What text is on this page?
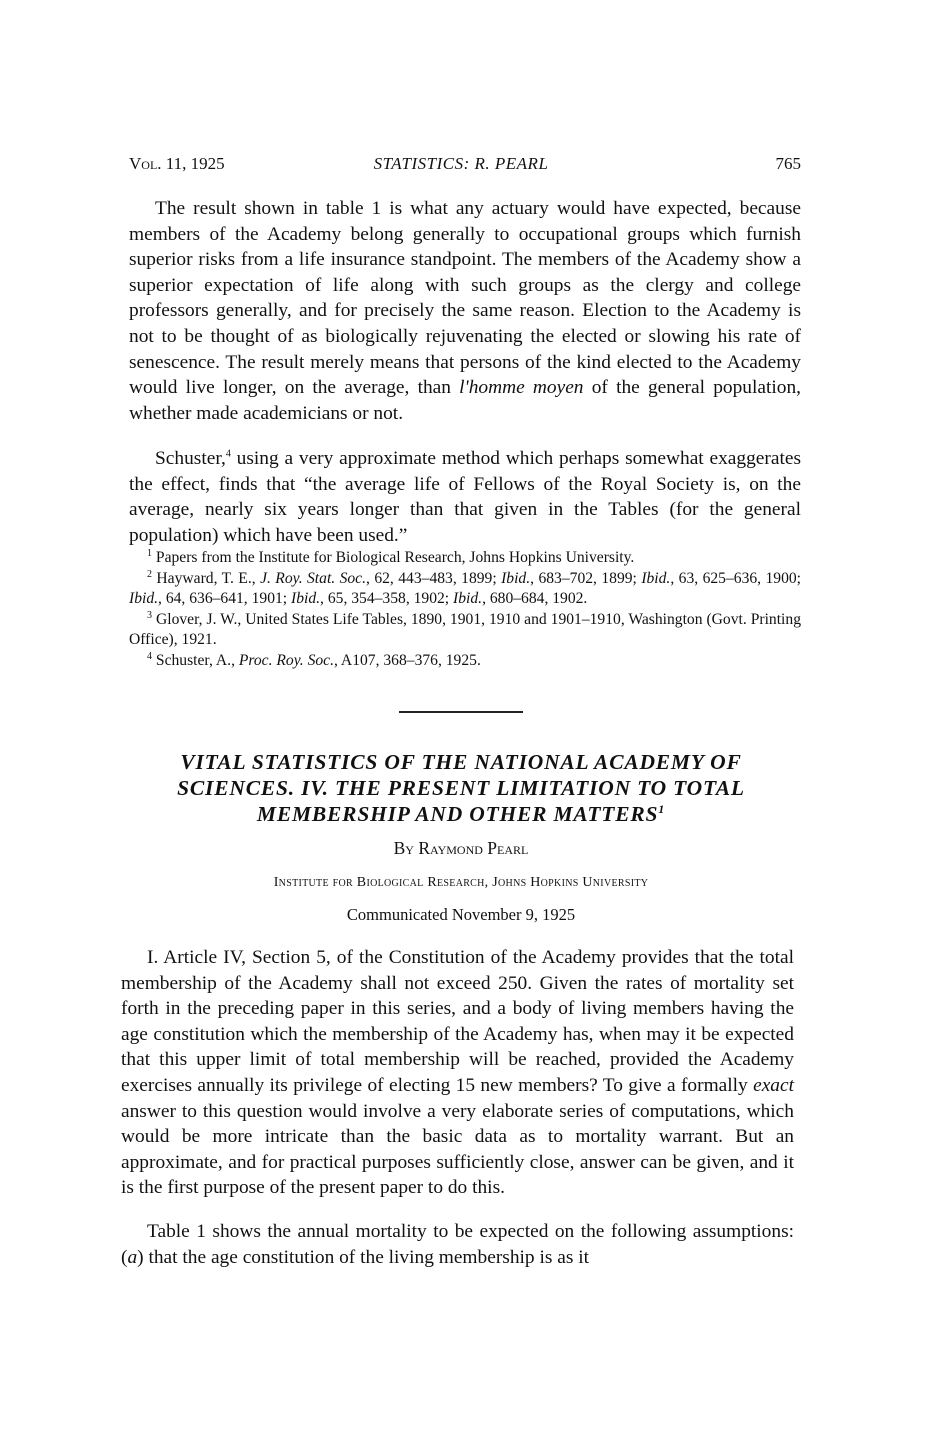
Vol. 11, 1925	STATISTICS: R. PEARL	765

The result shown in table 1 is what any actuary would have expected, because members of the Academy belong generally to occupational groups which furnish superior risks from a life insurance standpoint. The members of the Academy show a superior expectation of life along with such groups as the clergy and college professors generally, and for precisely the same reason. Election to the Academy is not to be thought of as biologically rejuvenating the elected or slowing his rate of senescence. The result merely means that persons of the kind elected to the Academy would live longer, on the average, than l'homme moyen of the general population, whether made academicians or not.

Schuster,$^4$ using a very approximate method which perhaps somewhat exaggerates the effect, finds that “the average life of Fellows of the Royal Society is, on the average, nearly six years longer than that given in the Tables (for the general population) which have been used.”

$^1$ Papers from the Institute for Biological Research, Johns Hopkins University.

$^2$ Hayward, T. E., J. Roy. Stat. Soc., 62, 443–483, 1899; Ibid., 683–702, 1899; Ibid., 63, 625–636, 1900; Ibid., 64, 636–641, 1901; Ibid., 65, 354–358, 1902; Ibid., 680–684, 1902.

$^3$ Glover, J. W., United States Life Tables, 1890, 1901, 1910 and 1901–1910, Washington (Govt. Printing Office), 1921.

$^4$ Schuster, A., Proc. Roy. Soc., A107, 368–376, 1925.

VITAL STATISTICS OF THE NATIONAL ACADEMY OF
SCIENCES. IV. THE PRESENT LIMITATION TO TOTAL
MEMBERSHIP AND OTHER MATTERS$^1$

By Raymond Pearl

Institute for Biological Research, Johns Hopkins University

Communicated November 9, 1925

I. Article IV, Section 5, of the Constitution of the Academy provides that the total membership of the Academy shall not exceed 250. Given the rates of mortality set forth in the preceding paper in this series, and a body of living members having the age constitution which the membership of the Academy has, when may it be expected that this upper limit of total membership will be reached, provided the Academy exercises annually its privilege of electing 15 new members? To give a formally exact answer to this question would involve a very elaborate series of computations, which would be more intricate than the basic data as to mortality warrant. But an approximate, and for practical purposes sufficiently close, answer can be given, and it is the first purpose of the present paper to do this.

Table 1 shows the annual mortality to be expected on the following assumptions: (a) that the age constitution of the living membership is as it
